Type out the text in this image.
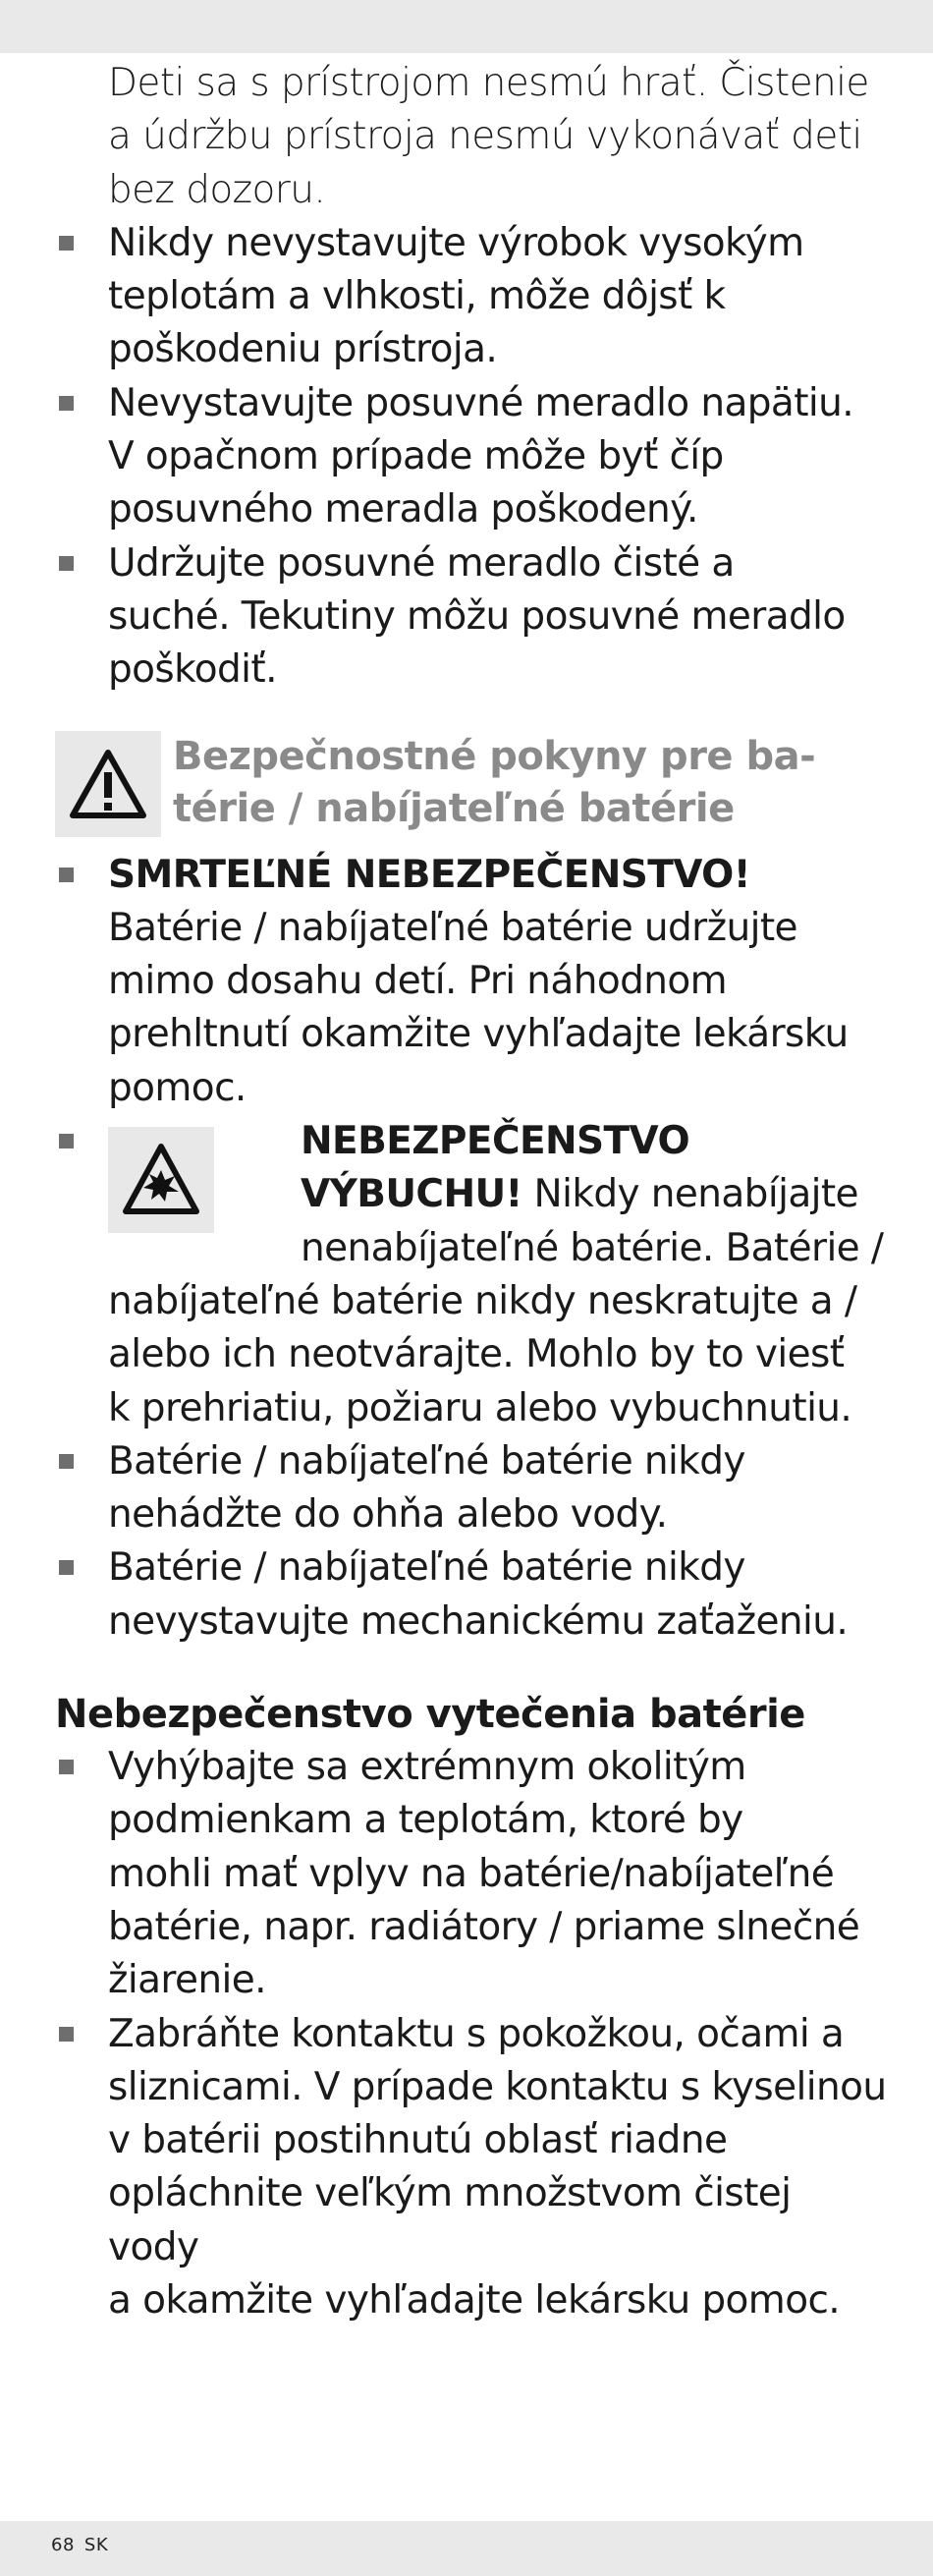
Deti sa s prístrojom nesmú hrať. Čistenie
a údržbu prístroja nesmú vykonávať deti
bez dozoru.
Nikdy nevystavujte výrobok vysokým
teplotám a vlhkosti, môže dôjsť k
poškodeniu prístroja.
Nevystavujte posuvné meradlo napätiu.
V opačnom prípade môže byť číp
posuvného meradla poškodený.
Udržujte posuvné meradlo čisté a
suché. Tekutiny môžu posuvné meradlo
poškodiť.
Bezpečnostné pokyny pre ba-
térie / nabíjateľné batérie
SMRTEĽNÉ NEBEZPEČENSTVO!
Batérie / nabíjateľné batérie udržujte
mimo dosahu detí. Pri náhodnom
prehltnutí okamžite vyhľadajte lekársku
pomoc.
NEBEZPEČENSTVO
VÝBUCHU! Nikdy nenabíjajte
nenabíjateľné batérie. Batérie /
nabíjateľné batérie nikdy neskratujte a /
alebo ich neotvárajte. Mohlo by to viesť
k prehriatiu, požiaru alebo vybuchnutiu.
Batérie / nabíjateľné batérie nikdy
nehádžte do ohňa alebo vody.
Batérie / nabíjateľné batérie nikdy
nevystavujte mechanickému zaťaženiu.
Nebezpečenstvo vytečenia batérie
Vyhýbajte sa extrémnym okolitým
podmienkam a teplotám, ktoré by
mohli mať vplyv na batérie/nabíjateľné
batérie, napr. radiátory / priame slnečné
žiarenie.
Zabráňte kontaktu s pokožkou, očami a
sliznicami. V prípade kontaktu s kyselinou
v batérii postihnutú oblasť riadne
opláchnite veľkým množstvom čistej vody
a okamžite vyhľadajte lekársku pomoc.
68 SK
